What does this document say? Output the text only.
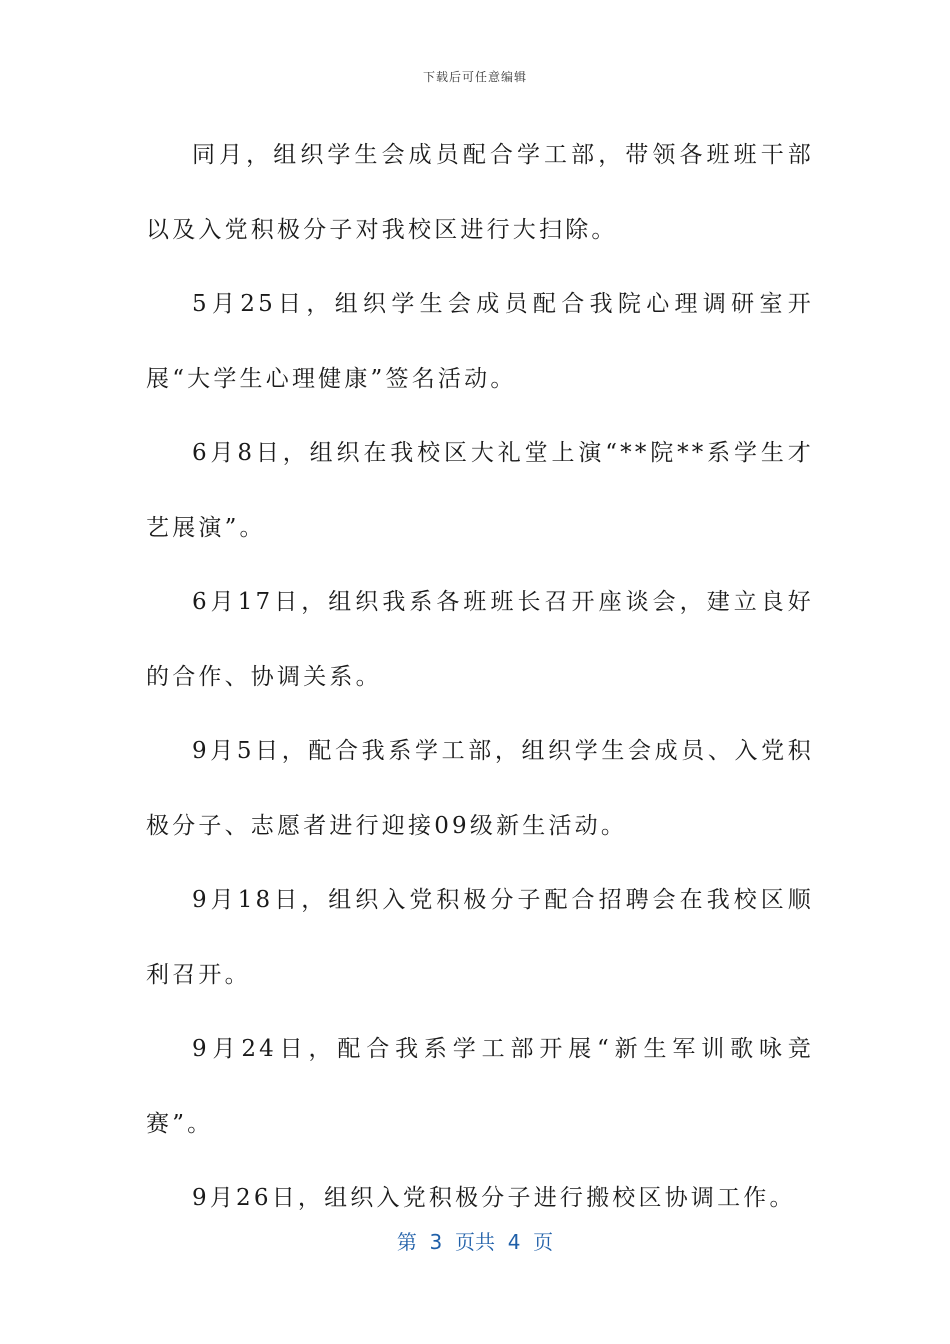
下载后可任意编辑

同月，组织学生会成员配合学工部，带领各班班干部以及入党积极分子对我校区进行大扫除。

5月25日，组织学生会成员配合我院心理调研室开展“大学生心理健康”签名活动。

6月8日，组织在我校区大礼堂上演“**院**系学生才艺展演”。

6月17日，组织我系各班班长召开座谈会，建立良好的合作、协调关系。

9月5日，配合我系学工部，组织学生会成员、入党积极分子、志愿者进行迎接09级新生活动。

9月18日，组织入党积极分子配合招聘会在我校区顺利召开。

9月24日，配合我系学工部开展“新生军训歌咏竞赛”。

9月26日，组织入党积极分子进行搬校区协调工作。

第  3  页共  4  页
